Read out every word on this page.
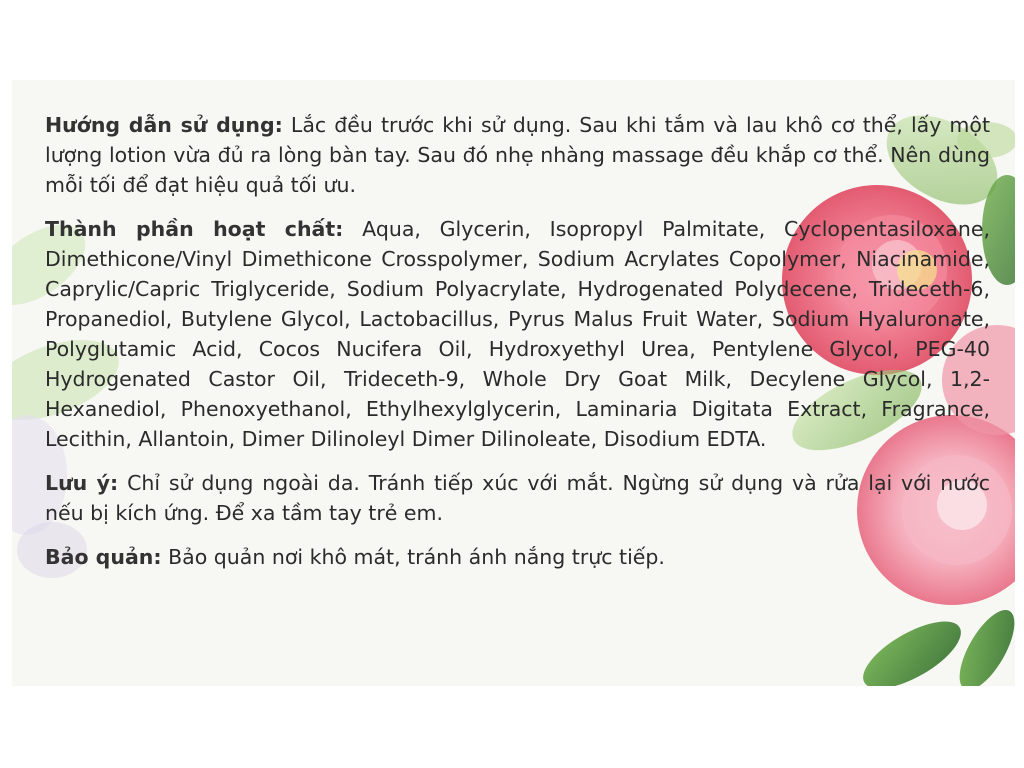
Hướng dẫn sử dụng: Lắc đều trước khi sử dụng. Sau khi tắm và lau khô cơ thể, lấy một lượng lotion vừa đủ ra lòng bàn tay. Sau đó nhẹ nhàng massage đều khắp cơ thể. Nên dùng mỗi tối để đạt hiệu quả tối ưu.

Thành phần hoạt chất: Aqua, Glycerin, Isopropyl Palmitate, Cyclopentasiloxane, Dimethicone/Vinyl Dimethicone Crosspolymer, Sodium Acrylates Copolymer, Niacinamide, Caprylic/Capric Triglyceride, Sodium Polyacrylate, Hydrogenated Polydecene, Trideceth-6, Propanediol, Butylene Glycol, Lactobacillus, Pyrus Malus Fruit Water, Sodium Hyaluronate, Polyglutamic Acid, Cocos Nucifera Oil, Hydroxyethyl Urea, Pentylene Glycol, PEG-40 Hydrogenated Castor Oil, Trideceth-9, Whole Dry Goat Milk, Decylene Glycol, 1,2- Hexanediol, Phenoxyethanol, Ethylhexylglycerin, Laminaria Digitata Extract, Fragrance, Lecithin, Allantoin, Dimer Dilinoleyl Dimer Dilinoleate, Disodium EDTA.

Lưu ý: Chỉ sử dụng ngoài da. Tránh tiếp xúc với mắt. Ngừng sử dụng và rửa lại với nước nếu bị kích ứng. Để xa tầm tay trẻ em.

Bảo quản: Bảo quản nơi khô mát, tránh ánh nắng trực tiếp.
